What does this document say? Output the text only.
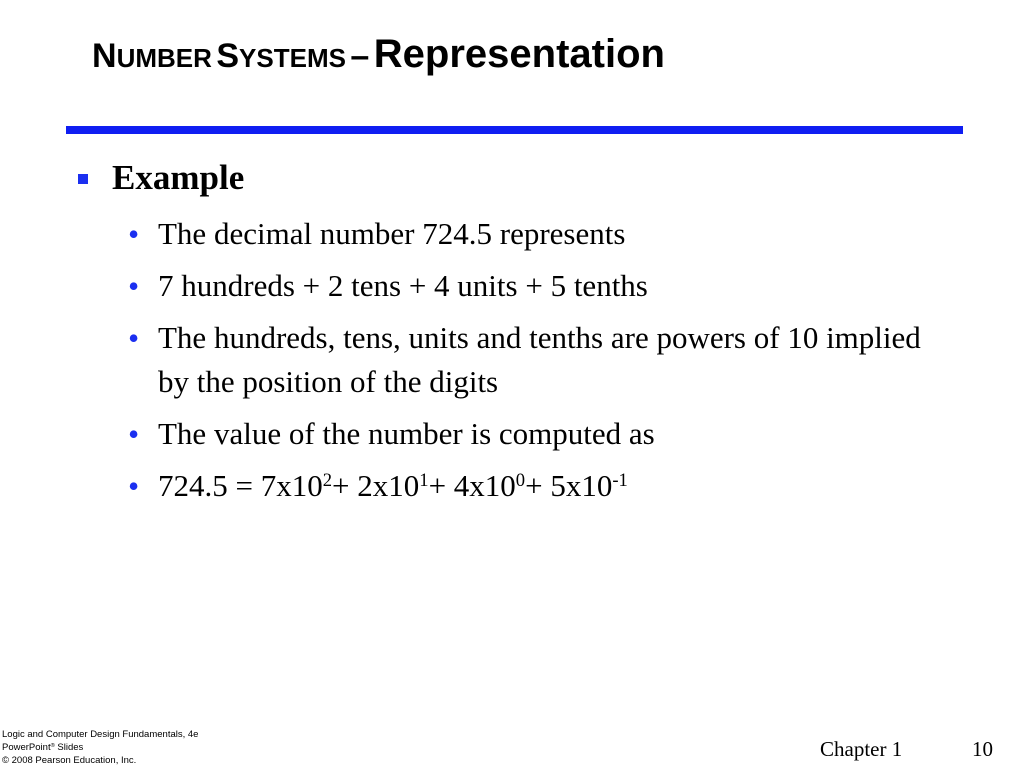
NUMBER SYSTEMS – Representation
Example
• The decimal number 724.5 represents
• 7 hundreds + 2 tens + 4 units + 5 tenths
• The hundreds, tens, units and tenths are powers of 10 implied by the position of the digits
• The value of the number is computed as
• $724.5 = 7x10^2+ 2x10^1+ 4x10^0+ 5x10^{-1}$
Logic and Computer Design Fundamentals, 4e
PowerPoint® Slides
© 2008 Pearson Education, Inc.	Chapter 1	10
